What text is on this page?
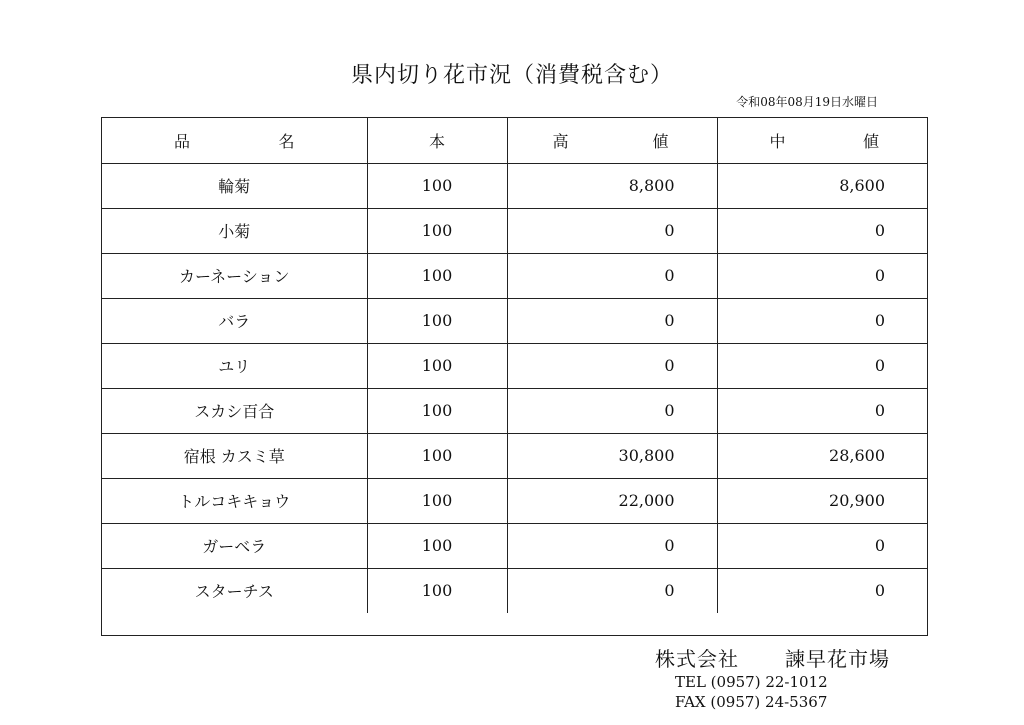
県内切り花市況（消費税含む）
令和08年08月19日水曜日
品 名	本	高 値	中 値

輪菊	100	8,800	8,600
小菊	100	0	0
カーネーション	100	0	0
バラ	100	0	0
ユリ	100	0	0
スカシ百合	100	0	0
宿根 カスミ草	100	30,800	28,600
トルコキキョウ	100	22,000	20,900
ガーベラ	100	0	0
スターチス	100	0	0
株式会社 諫早花市場
TEL (0957) 22-1012
FAX (0957) 24-5367
